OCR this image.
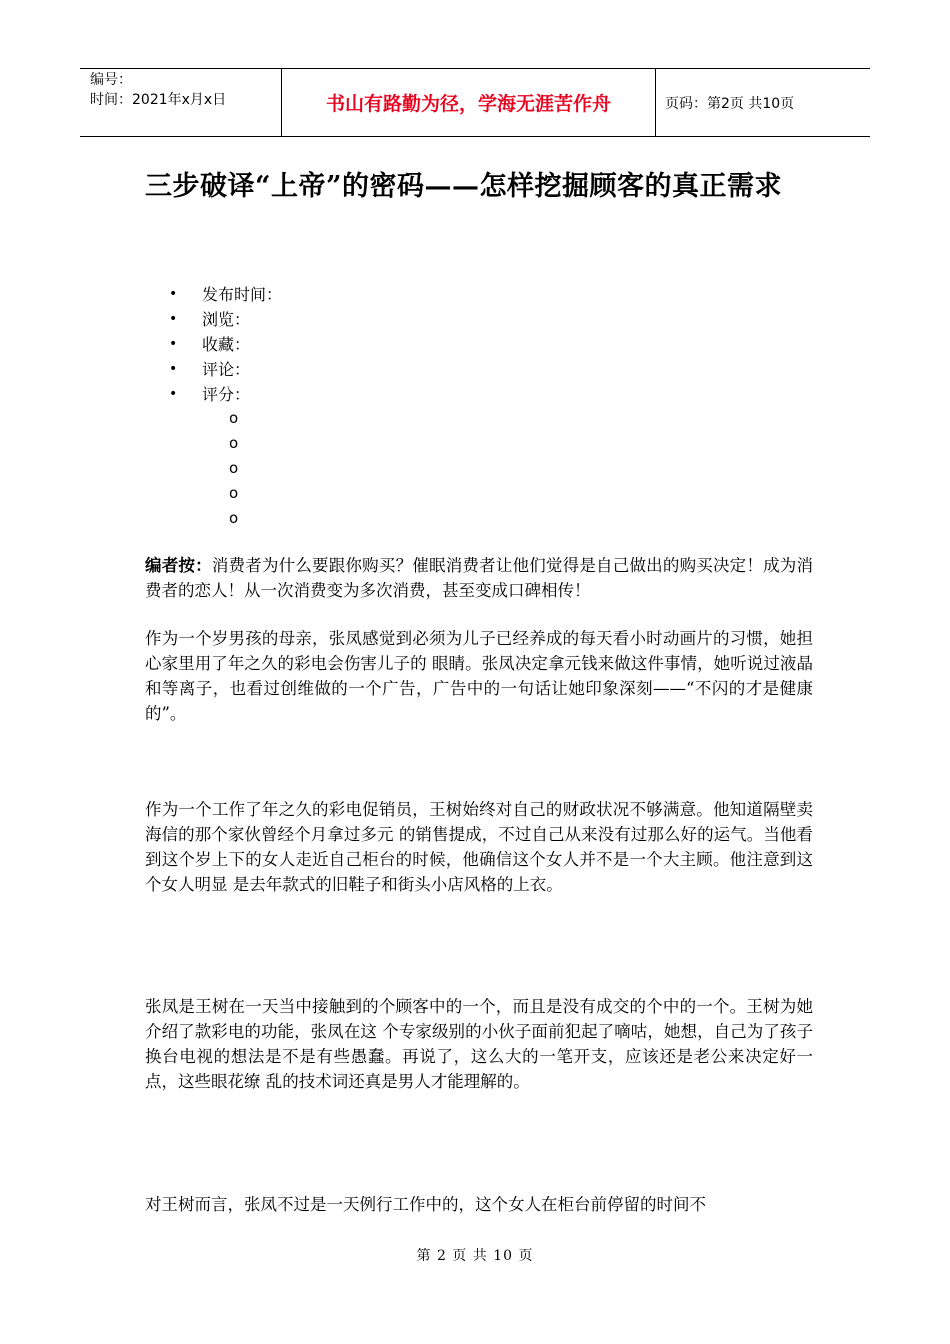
编号：
时间：2021年x月x日	书山有路勤为径，学海无涯苦作舟	页码：第2页 共10页
三步破译“上帝”的密码——怎样挖掘顾客的真正需求
• 发布时间：
• 浏览：
• 收藏：
• 评论：
• 评分：
o
o
o
o
o

编者按：消费者为什么要跟你购买？催眠消费者让他们觉得是自己做出的购买决定！成为消费者的恋人！从一次消费变为多次消费，甚至变成口碑相传！

作为一个岁男孩的母亲，张凤感觉到必须为儿子已经养成的每天看小时动画片的习惯，她担心家里用了年之久的彩电会伤害儿子的 眼睛。张凤决定拿元钱来做这件事情，她听说过液晶和等离子，也看过创维做的一个广告，广告中的一句话让她印象深刻——“不闪的才是健康的”。

作为一个工作了年之久的彩电促销员，王树始终对自己的财政状况不够满意。他知道隔壁卖海信的那个家伙曾经个月拿过多元 的销售提成，不过自己从来没有过那么好的运气。当他看到这个岁上下的女人走近自己柜台的时候，他确信这个女人并不是一个大主顾。他注意到这个女人明显 是去年款式的旧鞋子和街头小店风格的上衣。

张凤是王树在一天当中接触到的个顾客中的一个，而且是没有成交的个中的一个。王树为她介绍了款彩电的功能，张凤在这 个专家级别的小伙子面前犯起了嘀咕，她想，自己为了孩子换台电视的想法是不是有些愚蠢。再说了，这么大的一笔开支，应该还是老公来决定好一点，这些眼花缭 乱的技术词还真是男人才能理解的。

对王树而言，张凤不过是一天例行工作中的，这个女人在柜台前停留的时间不

第 2 页 共 10 页
